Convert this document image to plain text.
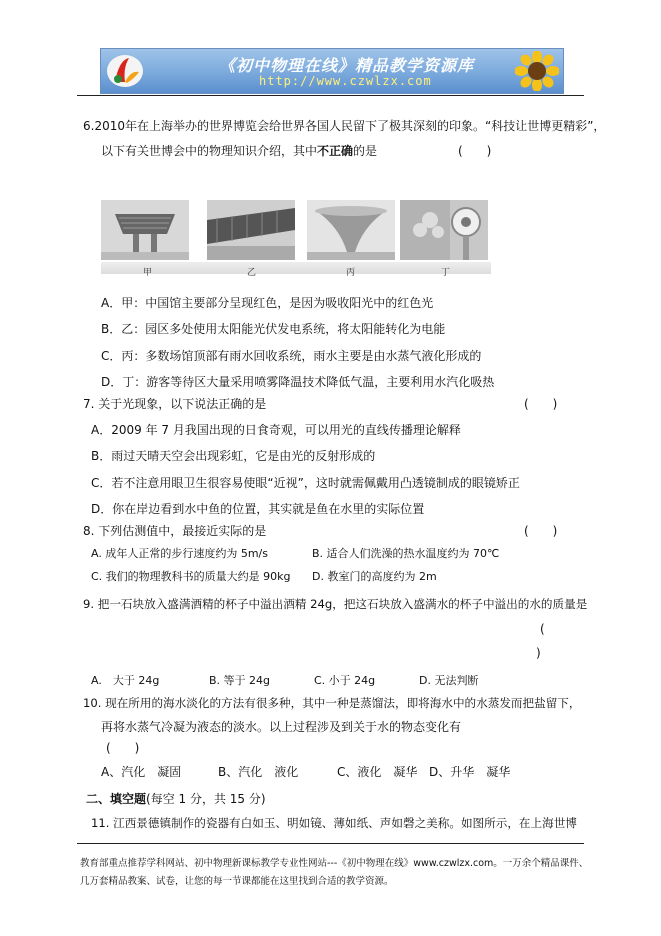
《初中物理在线》精品教学资源库
http://www.czwlzx.com
6.2010年在上海举办的世界博览会给世界各国人民留下了极其深刻的印象。“科技让世博更精彩”，
以下有关世博会中的物理知识介绍，其中不正确的是	(　　)
甲	乙	丙	丁
A．甲：中国馆主要部分呈现红色，是因为吸收阳光中的红色光
B．乙：园区多处使用太阳能光伏发电系统，将太阳能转化为电能
C．丙：多数场馆顶部有雨水回收系统，雨水主要是由水蒸气液化形成的
D．丁：游客等待区大量采用喷雾降温技术降低气温，主要利用水汽化吸热
7. 关于光现象，以下说法正确的是	(　　)
A．2009 年 7 月我国出现的日食奇观，可以用光的直线传播理论解释
B．雨过天晴天空会出现彩虹，它是由光的反射形成的
C．若不注意用眼卫生很容易使眼“近视”，这时就需佩戴用凸透镜制成的眼镜矫正
D．你在岸边看到水中鱼的位置，其实就是鱼在水里的实际位置
8. 下列估测值中，最接近实际的是	(　　)
A. 成年人正常的步行速度约为 5m/s	B. 适合人们洗澡的热水温度约为 70℃
C. 我们的物理教科书的质量大约是 90kg D. 教室门的高度约为 2m
9. 把一石块放入盛满酒精的杯子中溢出酒精 24g，把这石块放入盛满水的杯子中溢出的水的质量是
(
)
A.　大于 24g	B. 等于 24g	C. 小于 24g	D. 无法判断
10. 现在所用的海水淡化的方法有很多种，其中一种是蒸馏法，即将海水中的水蒸发而把盐留下，
再将水蒸气冷凝为液态的淡水。以上过程涉及到关于水的物态变化有
(　　)
A、汽化　凝固	B、汽化　液化	C、液化　凝华 D、升华　凝华
二、填空题(每空 1 分，共 15 分)
11. 江西景德镇制作的瓷器有白如玉、明如镜、薄如纸、声如磬之美称。如图所示，在上海世博
教育部重点推荐学科网站、初中物理新课标教学专业性网站---《初中物理在线》www.czwlzx.com。一万余个精品课件、
几万套精品教案、试卷，让您的每一节课都能在这里找到合适的教学资源。
